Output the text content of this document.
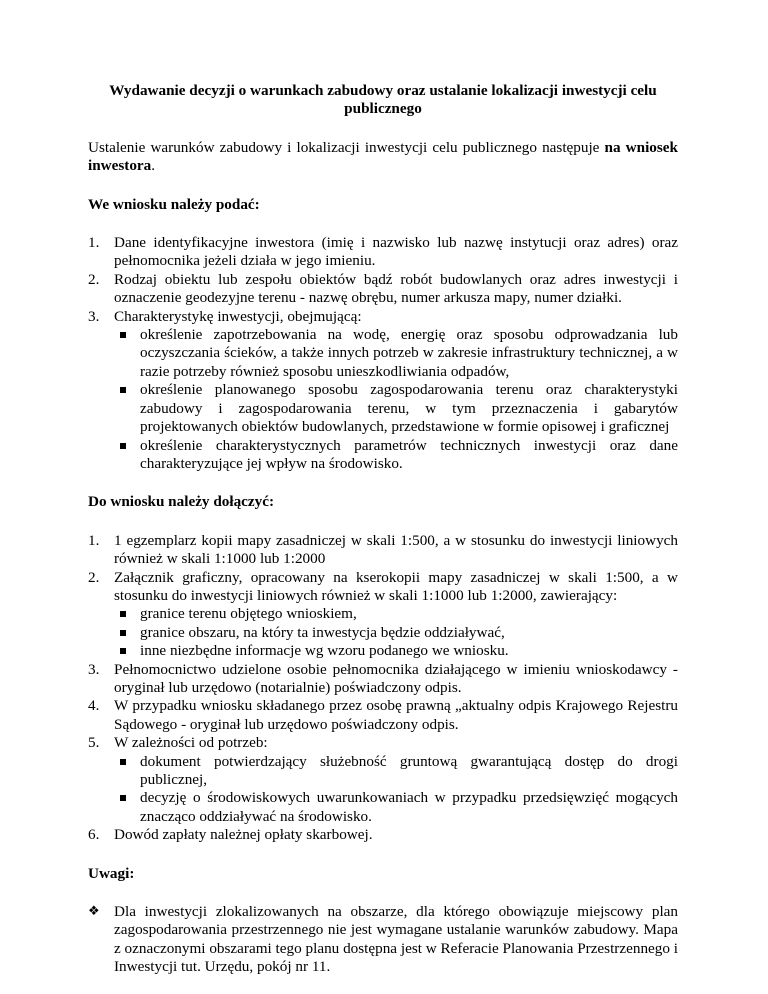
Wydawanie decyzji o warunkach zabudowy oraz ustalanie lokalizacji inwestycji celu publicznego

Ustalenie warunków zabudowy i lokalizacji inwestycji celu publicznego następuje na wniosek inwestora.

We wniosku należy podać:

1. Dane identyfikacyjne inwestora (imię i nazwisko lub nazwę instytucji oraz adres) oraz pełnomocnika jeżeli działa w jego imieniu.
2. Rodzaj obiektu lub zespołu obiektów bądź robót budowlanych oraz adres inwestycji i oznaczenie geodezyjne terenu - nazwę obrębu, numer arkusza mapy, numer działki.
3. Charakterystykę inwestycji, obejmującą:
określenie zapotrzebowania na wodę, energię oraz sposobu odprowadzania lub oczyszczania ścieków, a także innych potrzeb w zakresie infrastruktury technicznej, a w razie potrzeby również sposobu unieszkodliwiania odpadów,
określenie planowanego sposobu zagospodarowania terenu oraz charakterystyki zabudowy i zagospodarowania terenu, w tym przeznaczenia i gabarytów projektowanych obiektów budowlanych, przedstawione w formie opisowej i graficznej
określenie charakterystycznych parametrów technicznych inwestycji oraz dane charakteryzujące jej wpływ na środowisko.

Do wniosku należy dołączyć:

1. 1 egzemplarz kopii mapy zasadniczej w skali 1:500, a w stosunku do inwestycji liniowych również w skali 1:1000 lub 1:2000
2. Załącznik graficzny, opracowany na kserokopii mapy zasadniczej w skali 1:500, a w stosunku do inwestycji liniowych również w skali 1:1000 lub 1:2000, zawierający:
granice terenu objętego wnioskiem,
granice obszaru, na który ta inwestycja będzie oddziaływać,
inne niezbędne informacje wg wzoru podanego we wniosku.
3. Pełnomocnictwo udzielone osobie pełnomocnika działającego w imieniu wnioskodawcy - oryginał lub urzędowo (notarialnie) poświadczony odpis.
4. W przypadku wniosku składanego przez osobę prawną „aktualny odpis Krajowego Rejestru Sądowego - oryginał lub urzędowo poświadczony odpis.
5. W zależności od potrzeb:
dokument potwierdzający służebność gruntową gwarantującą dostęp do drogi publicznej,
decyzję o środowiskowych uwarunkowaniach w przypadku przedsięwzięć mogących znacząco oddziaływać na środowisko.
6. Dowód zapłaty należnej opłaty skarbowej.

Uwagi:

❖ Dla inwestycji zlokalizowanych na obszarze, dla którego obowiązuje miejscowy plan zagospodarowania przestrzennego nie jest wymagane ustalanie warunków zabudowy. Mapa z oznaczonymi obszarami tego planu dostępna jest w Referacie Planowania Przestrzennego i Inwestycji tut. Urzędu, pokój nr 11.
